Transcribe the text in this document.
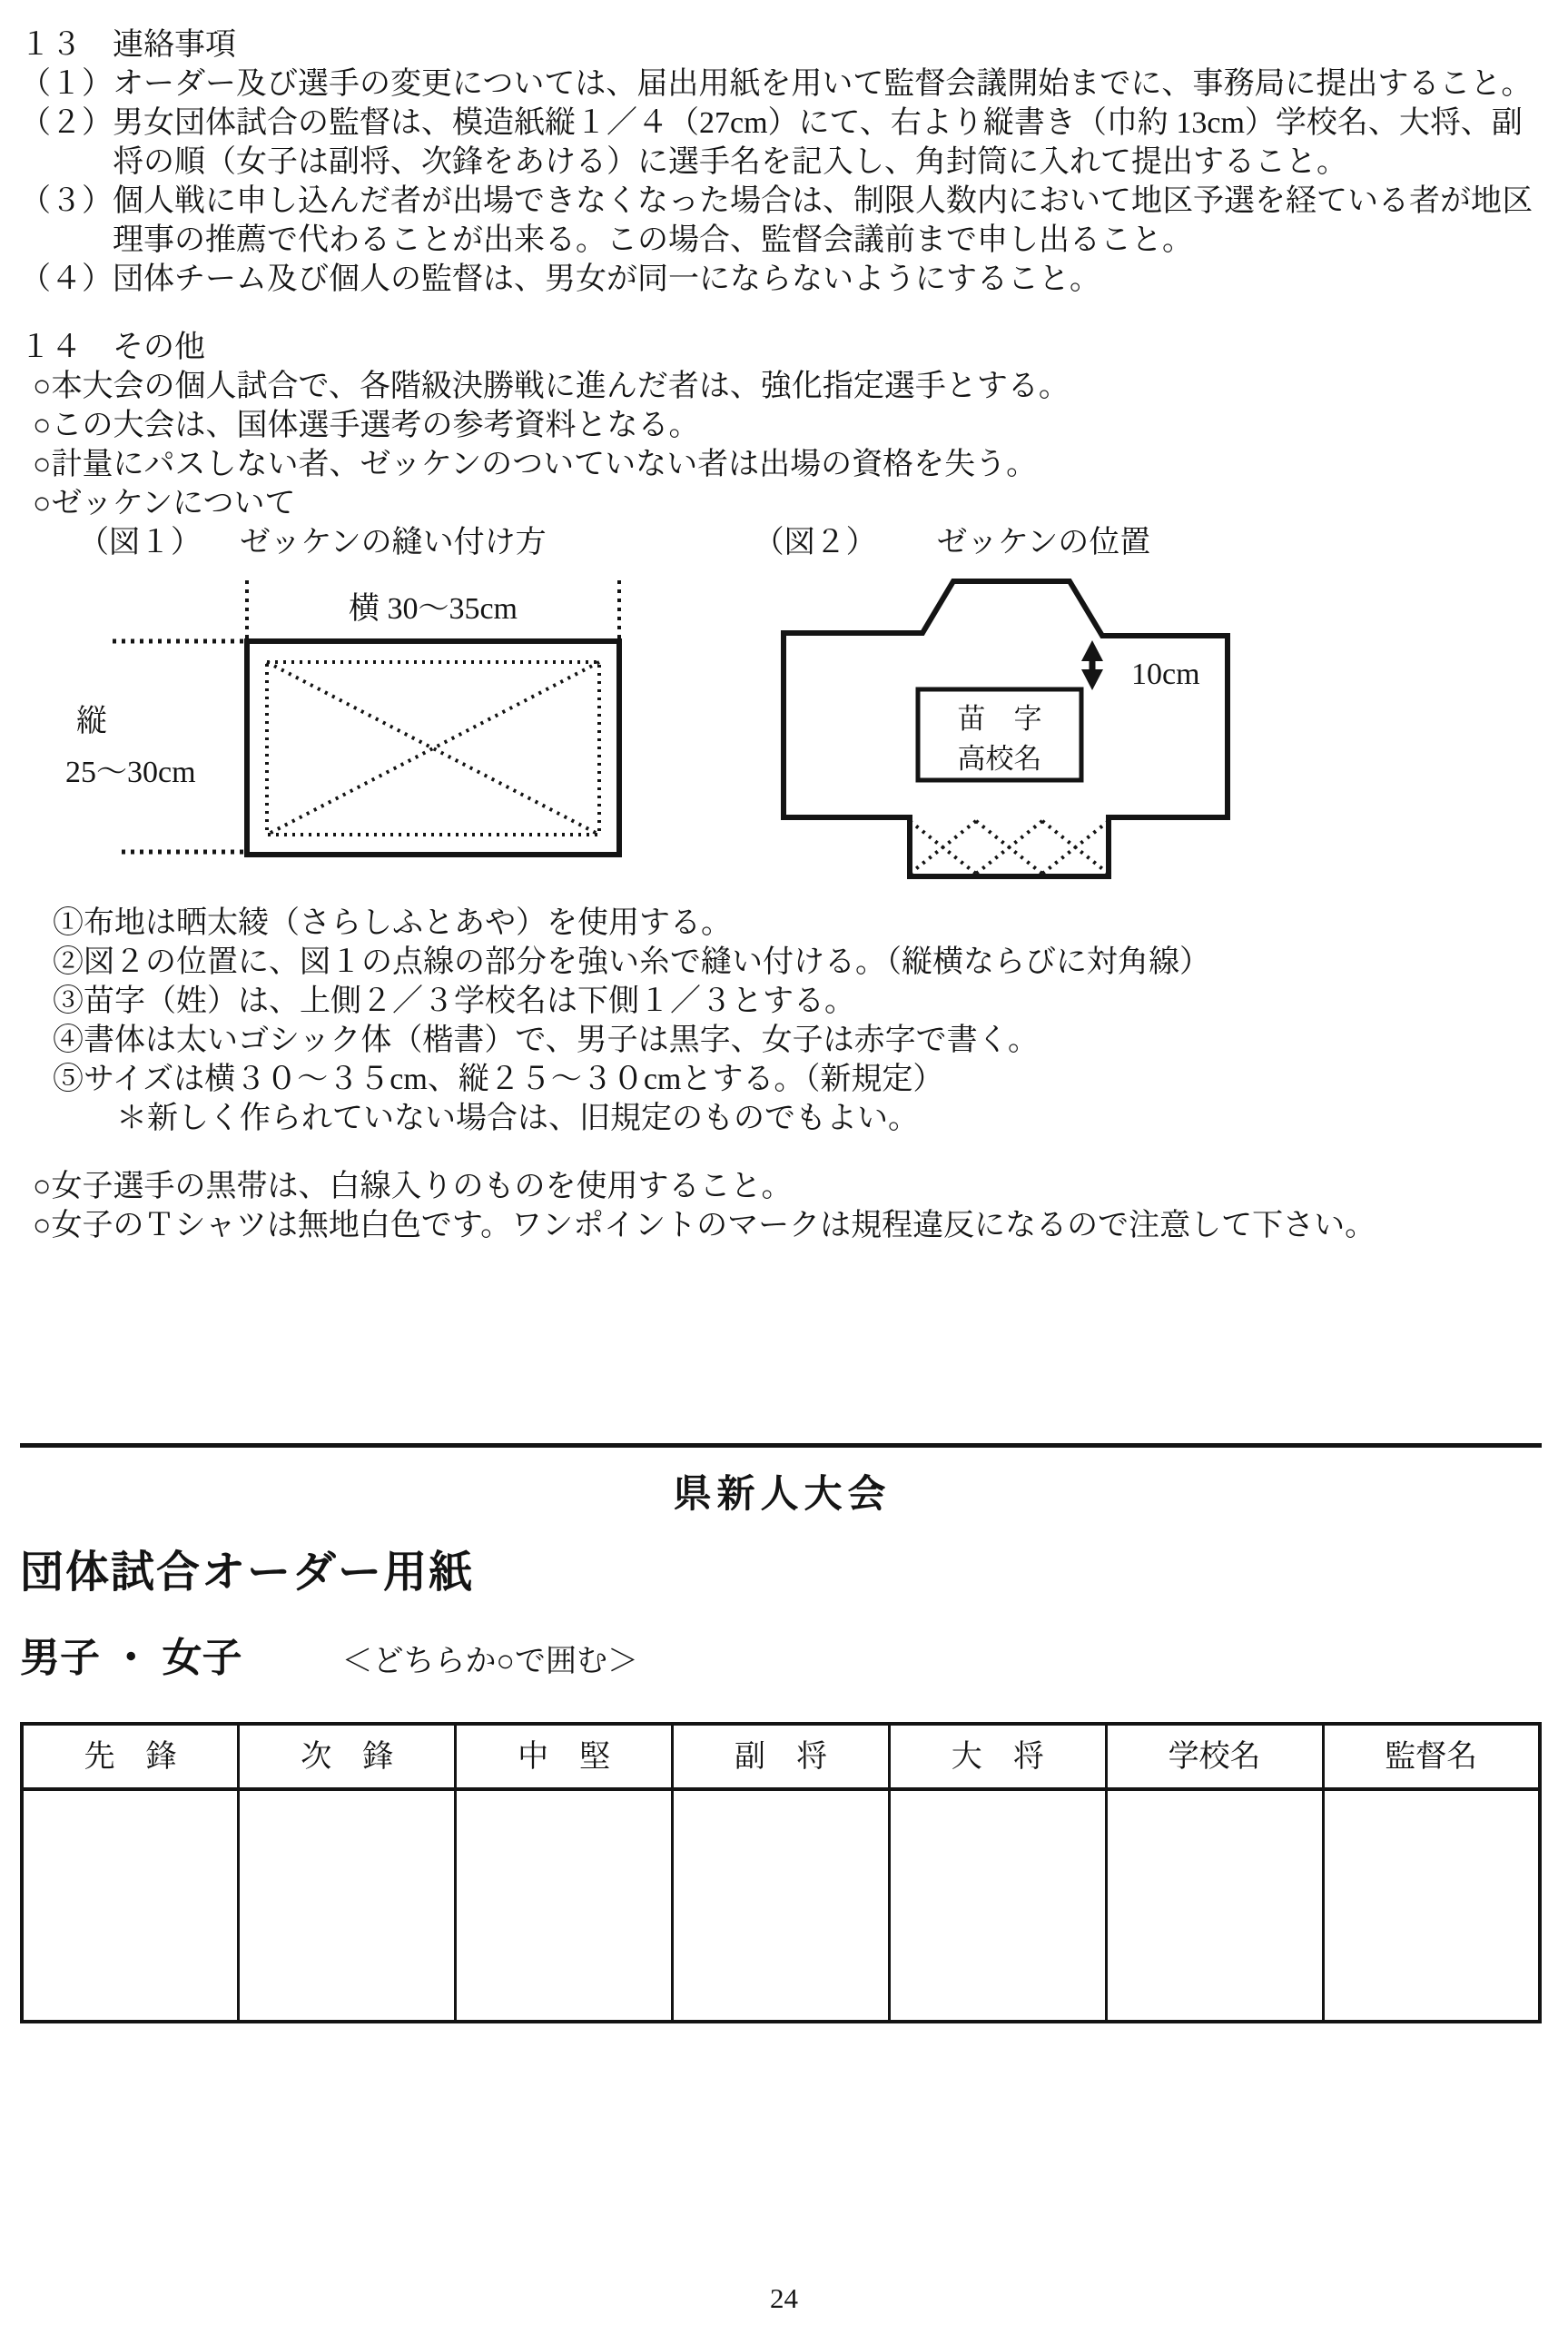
１３　連絡事項
（１） オーダー及び選手の変更については、届出用紙を用いて監督会議開始までに、事務局に提出すること。
（２） 男女団体試合の監督は、模造紙縦１／４（27cm）にて、右より縦書き（巾約 13cm）学校名、大将、副将の順（女子は副将、次鋒をあける）に選手名を記入し、角封筒に入れて提出すること。
（３） 個人戦に申し込んだ者が出場できなくなった場合は、制限人数内において地区予選を経ている者が地区理事の推薦で代わることが出来る。この場合、監督会議前まで申し出ること。
（４） 団体チーム及び個人の監督は、男女が同一にならないようにすること。
１４　その他
○本大会の個人試合で、各階級決勝戦に進んだ者は、強化指定選手とする。
○この大会は、国体選手選考の参考資料となる。
○計量にパスしない者、ゼッケンのついていない者は出場の資格を失う。
○ゼッケンについて
（図１） ゼッケンの縫い付け方	（図２） ゼッケンの位置
横 30〜35cm
縦
25〜30cm
苗　字
高校名
10cm
①布地は晒太綾（さらしふとあや）を使用する。
②図２の位置に、図１の点線の部分を強い糸で縫い付ける。（縦横ならびに対角線）
③苗字（姓）は、上側２／３学校名は下側１／３とする。
④書体は太いゴシック体（楷書）で、男子は黒字、女子は赤字で書く。
⑤サイズは横３０〜３５cm、縦２５〜３０cmとする。（新規定）
＊新しく作られていない場合は、旧規定のものでもよい。
○女子選手の黒帯は、白線入りのものを使用すること。
○女子のＴシャツは無地白色です。ワンポイントのマークは規程違反になるので注意して下さい。
県新人大会
団体試合オーダー用紙
男子 ・ 女子	＜どちらか○で囲む＞
先　鋒	次　鋒	中　堅	副　将	大　将	学校名	監督名

24
